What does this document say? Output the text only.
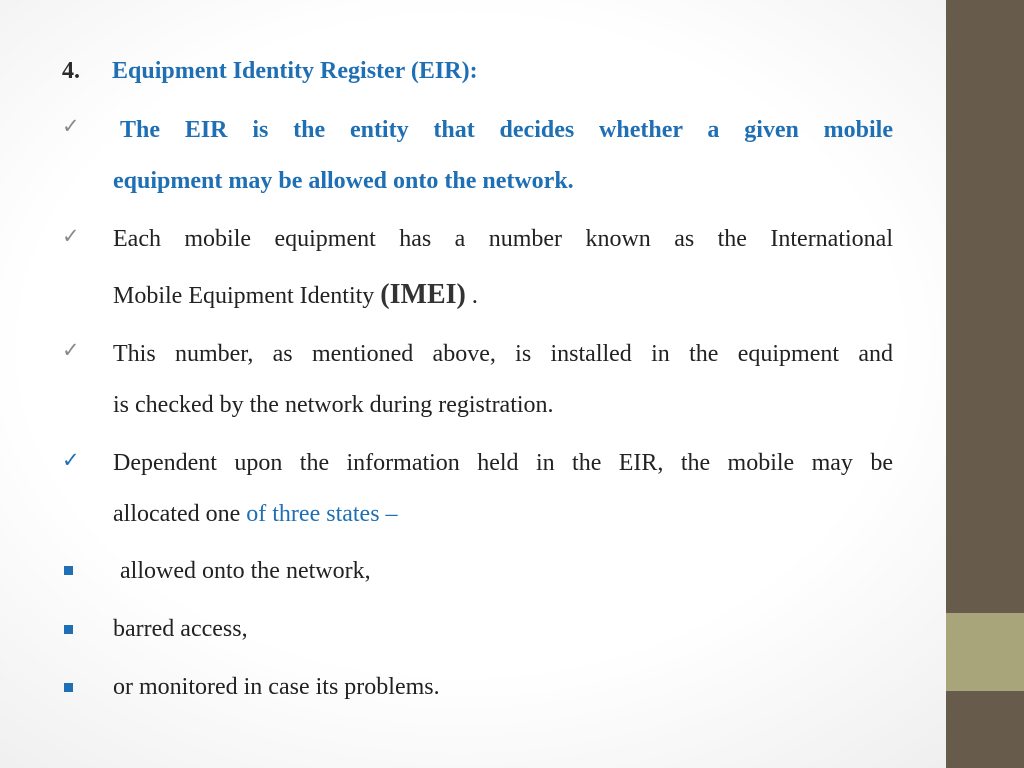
4. Equipment Identity Register (EIR):
✓ The EIR is the entity that decides whether a given mobile
equipment may be allowed onto the network.
✓ Each mobile equipment has a number known as the International
Mobile Equipment Identity (IMEI) .
✓ This number, as mentioned above, is installed in the equipment and
is checked by the network during registration.
✓ Dependent upon the information held in the EIR, the mobile may be
allocated one of three states –
allowed onto the network,
barred access,
or monitored in case its problems.
